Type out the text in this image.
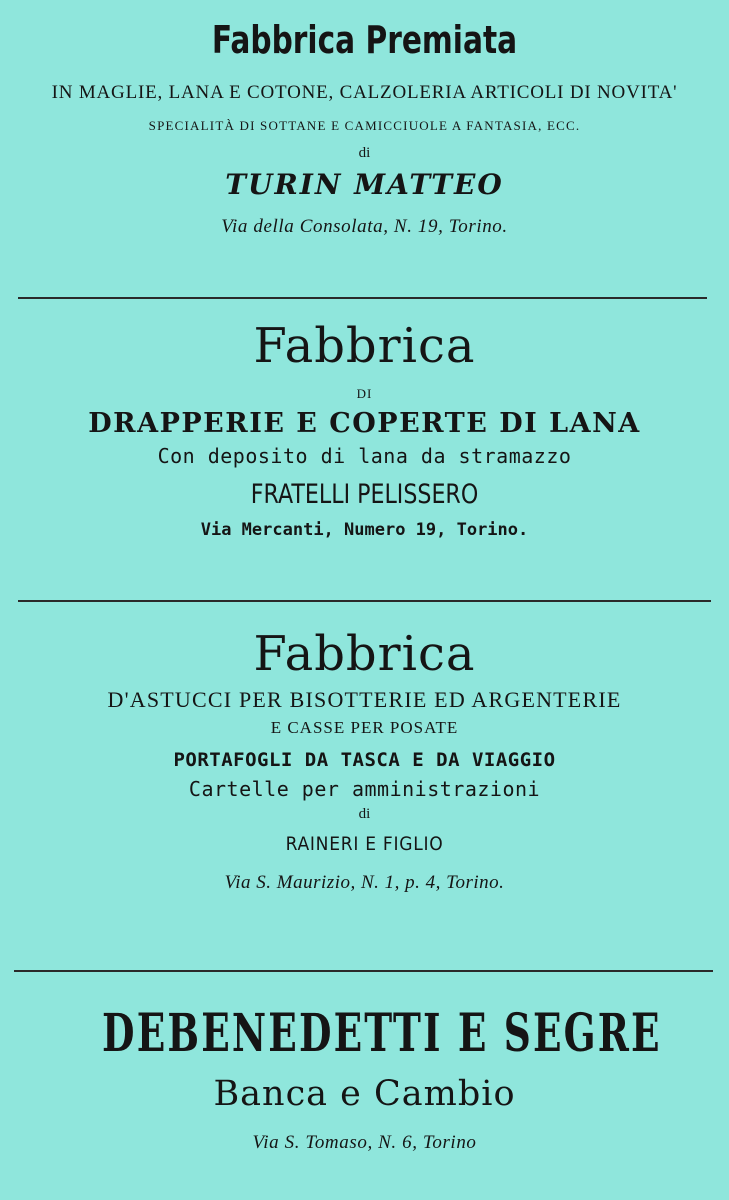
Fabbrica Premiata
IN MAGLIE, LANA E COTONE, CALZOLERIA ARTICOLI DI NOVITA'
SPECIALITÀ DI SOTTANE E CAMICCIUOLE A FANTASIA, ECC.
di
TURIN MATTEO
Via della Consolata, N. 19, Torino.
Fabbrica
DI
DRAPPERIE E COPERTE DI LANA
Con deposito di lana da stramazzo
FRATELLI PELISSERO
Via Mercanti, Numero 19, Torino.
Fabbrica
D'ASTUCCI PER BISOTTERIE ED ARGENTERIE
E CASSE PER POSATE
PORTAFOGLI DA TASCA E DA VIAGGIO
Cartelle per amministrazioni
di
RAINERI E FIGLIO
Via S. Maurizio, N. 1, p. 4, Torino.
DEBENEDETTI E SEGRE
Banca e Cambio
Via S. Tomaso, N. 6, Torino
